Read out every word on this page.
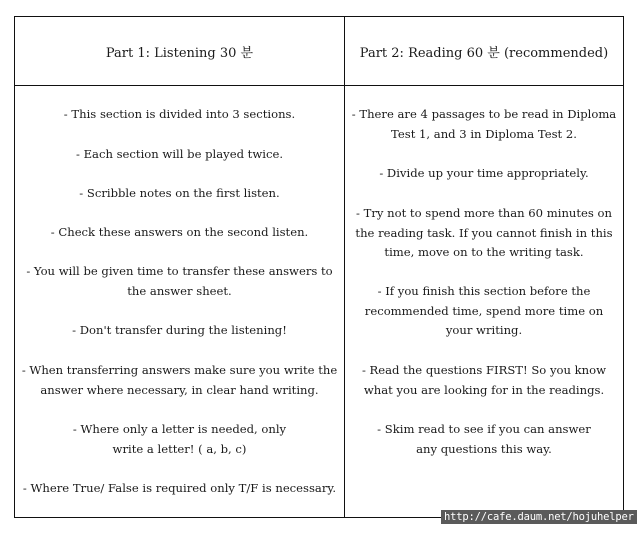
Part 1: Listening 30 분	Part 2: Reading 60 분 (recommended)
- This section is divided into 3 sections.
- Each section will be played twice.
- Scribble notes on the first listen.
- Check these answers on the second listen.
- You will be given time to transfer these answers to the answer sheet.
- Don't transfer during the listening!
- When transferring answers make sure you write the answer where necessary, in clear hand writing.
- Where only a letter is needed, only write a letter! ( a, b, c)
- Where True/ False is required only T/F is necessary.
- There are 4 passages to be read in Diploma Test 1, and 3 in Diploma Test 2.
- Divide up your time appropriately.
- Try not to spend more than 60 minutes on the reading task. If you cannot finish in this time, move on to the writing task.
- If you finish this section before the recommended time, spend more time on your writing.
- Read the questions FIRST! So you know what you are looking for in the readings.
- Skim read to see if you can answer any questions this way.
http://cafe.daum.net/hojuhelper
